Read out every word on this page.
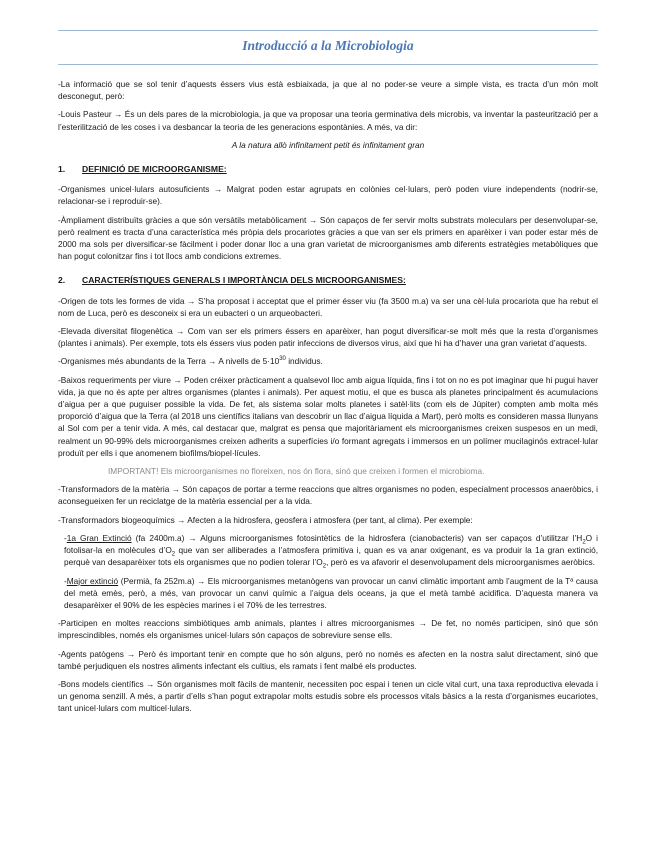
Introducció a la Microbiologia

-La informació que se sol tenir d’aquests éssers vius està esbiaixada, ja que al no poder-se veure a simple vista, es tracta d’un món molt desconegut, però:

-Louis Pasteur → És un dels pares de la microbiologia, ja que va proposar una teoria germinativa dels microbis, va inventar la pasteurització per a l’esterilització de les coses i va desbancar la teoria de les generacions espontànies. A més, va dir:

A la natura allò infinitament petit és infinitament gran

1.	DEFINICIÓ DE MICROORGANISME:

-Organismes unicel·lulars autosuficients → Malgrat poden estar agrupats en colònies cel·lulars, però poden viure independents (nodrir-se, relacionar-se i reproduir-se).

-Àmpliament distribuïts gràcies a que són versàtils metabòlicament → Són capaços de fer servir molts substrats moleculars per desenvolupar-se, però realment es tracta d’una característica més pròpia dels procariotes gràcies a que van ser els primers en aparèixer i van poder estar més de 2000 ma sols per diversificar-se fàcilment i poder donar lloc a una gran varietat de microorganismes amb diferents estratègies metabòliques que han pogut colonitzar fins i tot llocs amb condicions extremes.

2.	CARACTERÍSTIQUES GENERALS I IMPORTÀNCIA DELS MICROORGANISMES:

-Origen de tots les formes de vida → S’ha proposat i acceptat que el primer ésser viu (fa 3500 m.a) va ser una cèl·lula procariota que ha rebut el nom de Luca, però es desconeix si era un eubacteri o un arqueobacteri.

-Elevada diversitat filogenètica → Com van ser els primers éssers en aparèixer, han pogut diversificar-se molt més que la resta d’organismes (plantes i animals). Per exemple, tots els éssers vius poden patir infeccions de diversos virus, així que hi ha d’haver una gran varietat d’aquests.

-Organismes més abundants de la Terra → A nivells de $5\cdot 10^{30}$ individus.

-Baixos requeriments per viure → Poden créixer pràcticament a qualsevol lloc amb aigua líquida, fins i tot on no es pot imaginar que hi pugui haver vida, ja que no és apte per altres organismes (plantes i animals). Per aquest motiu, el que es busca als planetes principalment és acumulacions d’aigua per a que puguiser possible la vida. De fet, als sistema solar molts planetes i satèl·lits (com els de Júpiter) compten amb molta més proporció d’aigua que la Terra (al 2018 uns científics italians van descobrir un llac d’aigua líquida a Mart), però molts es consideren massa llunyans al Sol com per a tenir vida. A més, cal destacar que, malgrat es pensa que majoritàriament els microorganismes creixen suspesos en un medi, realment un 90-99% dels microorganismes creixen adherits a superfícies i/o formant agregats i immersos en un polímer mucilaginós extracel·lular produït per ells i que anomenem biofilms/biopel·lícules.

IMPORTANT! Els microorganismes no floreixen, nos ón flora, sinó que creixen i formen el microbioma.

-Transformadors de la matèria → Són capaços de portar a terme reaccions que altres organismes no poden, especialment processos anaeròbics, i aconsegueixen fer un reciclatge de la matèria essencial per a la vida.

-Transformadors biogeoquímics → Afecten a la hidrosfera, geosfera i atmosfera (per tant, al clima). Per exemple:

-1a Gran Extinció (fa 2400m.a) → Alguns microorganismes fotosintètics de la hidrosfera (cianobacteris) van ser capaços d’utilitzar $l’H_2O$ i fotolisar-la en molècules $d’O_2$ que van ser alliberades a l’atmosfera primitiva i, quan es va anar oxigenant, es va produir la 1a gran extinció, perquè van desaparèixer tots els organismes que no podien tolerar $l’O_2$, però es va afavorir el desenvolupament dels microorganismes aeròbics.

-Major extinció (Permià, fa 252m.a) → Els microorganismes metanògens van provocar un canvi climàtic important amb l’augment de la Tª causa del metà emès, però, a més, van provocar un canvi químic a l’aigua dels oceans, ja que el metà també acidifica. D’aquesta manera va desaparèixer el 90% de les espècies marines i el 70% de les terrestres.

-Participen en moltes reaccions simbiòtiques amb animals, plantes i altres microorganismes → De fet, no només participen, sinó que són imprescindibles, només els organismes unicel·lulars són capaços de sobreviure sense ells.

-Agents patògens → Però és important tenir en compte que ho són alguns, però no només es afecten en la nostra salut directament, sinó que també perjudiquen els nostres aliments infectant els cultius, els ramats i fent malbé els productes.

-Bons models científics → Són organismes molt fàcils de mantenir, necessiten poc espai i tenen un cicle vital curt, una taxa reproductiva elevada i un genoma senzill. A més, a partir d’ells s’han pogut extrapolar molts estudis sobre els processos vitals bàsics a la resta d’organismes eucariotes, tant unicel·lulars com multicel·lulars.
